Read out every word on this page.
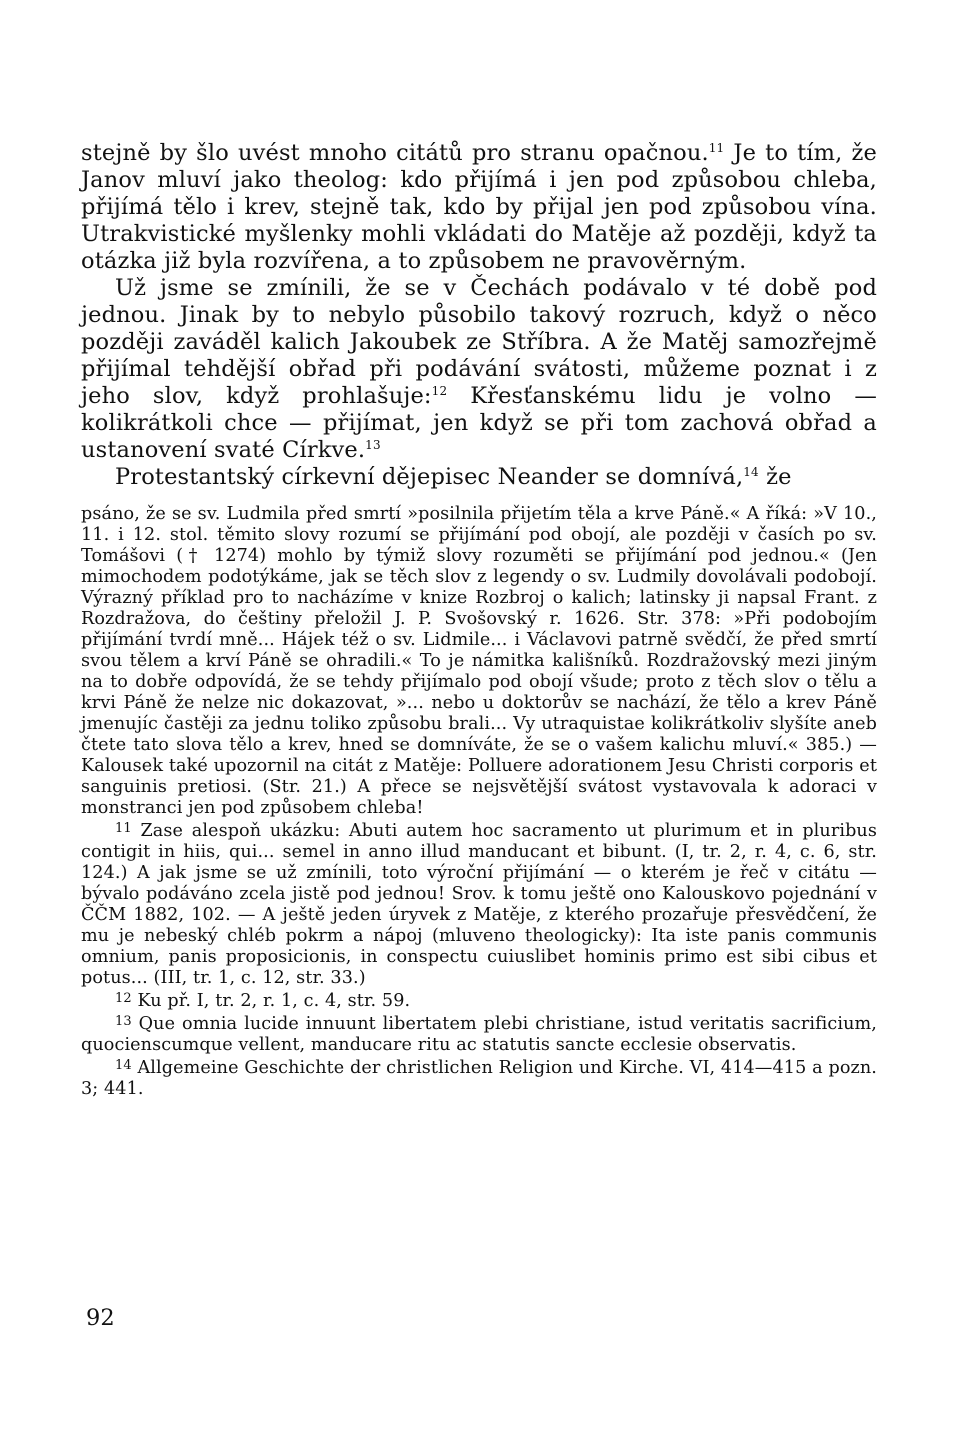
stejně by šlo uvést mnoho citátů pro stranu opačnou.$^{11}$ Je to tím, že Janov mluví jako theolog: kdo přijímá i jen pod způsobou chleba, přijímá tělo i krev, stejně tak, kdo by přijal jen pod způsobou vína. Utrakvistické myšlenky mohli vkládati do Matěje až později, když ta otázka již byla rozvířena, a to způsobem ne pravověrným.

Už jsme se zmínili, že se v Čechách podávalo v té době pod jednou. Jinak by to nebylo působilo takový rozruch, když o něco později zaváděl kalich Jakoubek ze Stříbra. A že Matěj samozřejmě přijímal tehdější obřad při podávání svátosti, můžeme poznat i z jeho slov, když prohlašuje:$^{12}$ Křesťanskému lidu je volno — kolikrátkoli chce — přijímat, jen když se při tom zachová obřad a ustanovení svaté Církve.$^{13}$

Protestantský církevní dějepisec Neander se domnívá,$^{14}$ že

psáno, že se sv. Ludmila před smrtí »posilnila přijetím těla a krve Páně.« A říká: »V 10., 11. i 12. stol. těmito slovy rozumí se přijímání pod obojí, ale později v časích po sv. Tomášovi († 1274) mohlo by týmiž slovy rozuměti se přijímání pod jednou.« (Jen mimochodem podotýkáme, jak se těch slov z legendy o sv. Ludmily dovolávali podobojí. Výrazný příklad pro to nacházíme v knize Rozbroj o kalich; latinsky ji napsal Frant. z Rozdražova, do češtiny přeložil J. P. Svošovský r. 1626. Str. 378: »Při podobojím přijímání tvrdí mně... Hájek též o sv. Lidmile... i Václavovi patrně svědčí, že před smrtí svou tělem a krví Páně se ohradili.« To je námitka kališníků. Rozdražovský mezi jiným na to dobře odpovídá, že se tehdy přijímalo pod obojí všude; proto z těch slov o tělu a krvi Páně že nelze nic dokazovat, »... nebo u doktorův se nachází, že tělo a krev Páně jmenujíc častěji za jednu toliko způsobu brali... Vy utraquistae kolikrátkoliv slyšíte aneb čtete tato slova tělo a krev, hned se domníváte, že se o vašem kalichu mluví.« 385.) — Kalousek také upozornil na citát z Matěje: Polluere adorationem Jesu Christi corporis et sanguinis pretiosi. (Str. 21.) A přece se nejsvětější svátost vystavovala k adoraci v monstranci jen pod způsobem chleba!

$^{11}$ Zase alespoň ukázku: Abuti autem hoc sacramento ut plurimum et in pluribus contigit in hiis, qui... semel in anno illud manducant et bibunt. (I, tr. 2, r. 4, c. 6, str. 124.) A jak jsme se už zmínili, toto výroční přijímání — o kterém je řeč v citátu — bývalo podáváno zcela jistě pod jednou! Srov. k tomu ještě ono Kalouskovo pojednání v ČČM 1882, 102. — A ještě jeden úryvek z Matěje, z kterého prozařuje přesvědčení, že mu je nebeský chléb pokrm a nápoj (mluveno theologicky): Ita iste panis communis omnium, panis proposicionis, in conspectu cuiuslibet hominis primo est sibi cibus et potus... (III, tr. 1, c. 12, str. 33.)

$^{12}$ Ku př. I, tr. 2, r. 1, c. 4, str. 59.

$^{13}$ Que omnia lucide innuunt libertatem plebi christiane, istud veritatis sacrificium, quocienscumque vellent, manducare ritu ac statutis sancte ecclesie observatis.

$^{14}$ Allgemeine Geschichte der christlichen Religion und Kirche. VI, 414—415 a pozn. 3; 441.

92
